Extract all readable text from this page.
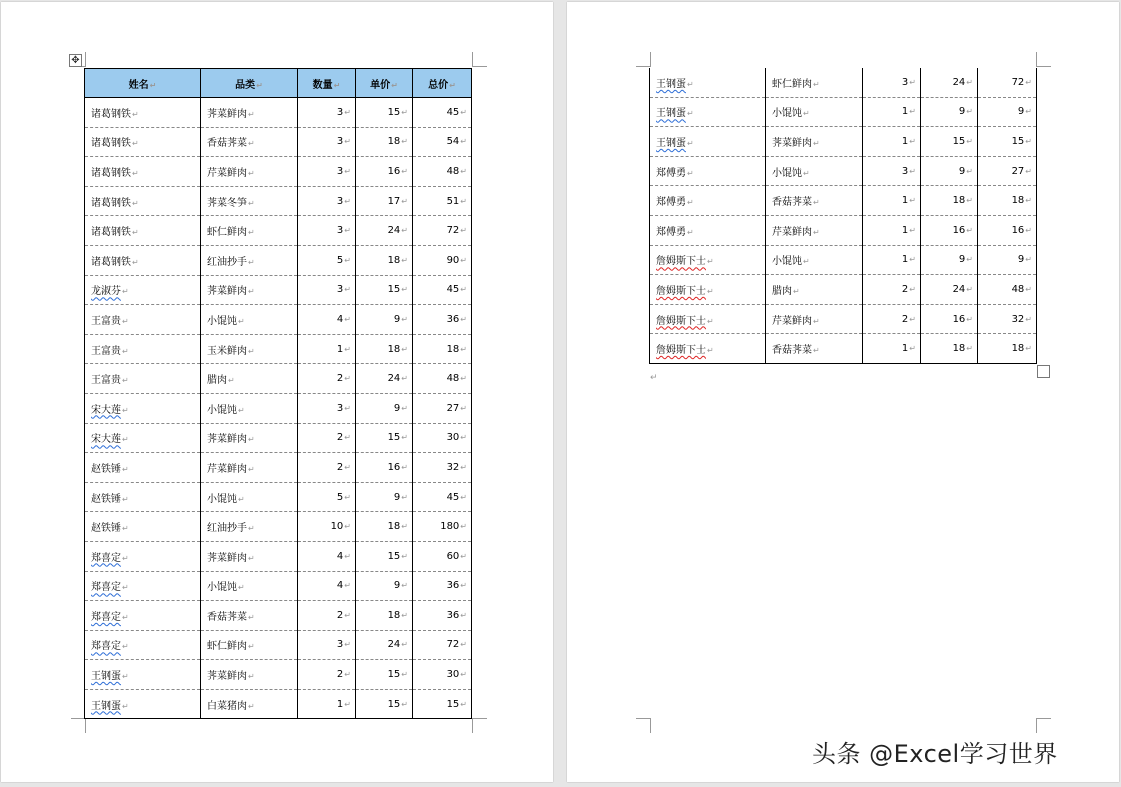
✥
姓名↵	品类↵	数量↵	单价↵	总价↵
诸葛钢铁↵	荠菜鲜肉↵	3↵	15↵	45↵
诸葛钢铁↵	香菇荠菜↵	3↵	18↵	54↵
诸葛钢铁↵	芹菜鲜肉↵	3↵	16↵	48↵
诸葛钢铁↵	荠菜冬笋↵	3↵	17↵	51↵
诸葛钢铁↵	虾仁鲜肉↵	3↵	24↵	72↵
诸葛钢铁↵	红油抄手↵	5↵	18↵	90↵
龙淑芬↵	荠菜鲜肉↵	3↵	15↵	45↵
王富贵↵	小馄饨↵	4↵	9↵	36↵
王富贵↵	玉米鲜肉↵	1↵	18↵	18↵
王富贵↵	腊肉↵	2↵	24↵	48↵
宋大莲↵	小馄饨↵	3↵	9↵	27↵
宋大莲↵	荠菜鲜肉↵	2↵	15↵	30↵
赵铁锤↵	芹菜鲜肉↵	2↵	16↵	32↵
赵铁锤↵	小馄饨↵	5↵	9↵	45↵
赵铁锤↵	红油抄手↵	10↵	18↵	180↵
郑喜定↵	荠菜鲜肉↵	4↵	15↵	60↵
郑喜定↵	小馄饨↵	4↵	9↵	36↵
郑喜定↵	香菇荠菜↵	2↵	18↵	36↵
郑喜定↵	虾仁鲜肉↵	3↵	24↵	72↵
王钢蛋↵	荠菜鲜肉↵	2↵	15↵	30↵
王钢蛋↵	白菜猪肉↵	1↵	15↵	15↵
王钢蛋↵	虾仁鲜肉↵	3↵	24↵	72↵
王钢蛋↵	小馄饨↵	1↵	9↵	9↵
王钢蛋↵	荠菜鲜肉↵	1↵	15↵	15↵
郑傅勇↵	小馄饨↵	3↵	9↵	27↵
郑傅勇↵	香菇荠菜↵	1↵	18↵	18↵
郑傅勇↵	芹菜鲜肉↵	1↵	16↵	16↵
詹姆斯下士↵	小馄饨↵	1↵	9↵	9↵
詹姆斯下士↵	腊肉↵	2↵	24↵	48↵
詹姆斯下士↵	芹菜鲜肉↵	2↵	16↵	32↵
詹姆斯下士↵	香菇荠菜↵	1↵	18↵	18↵
↵
头条 @Excel学习世界
